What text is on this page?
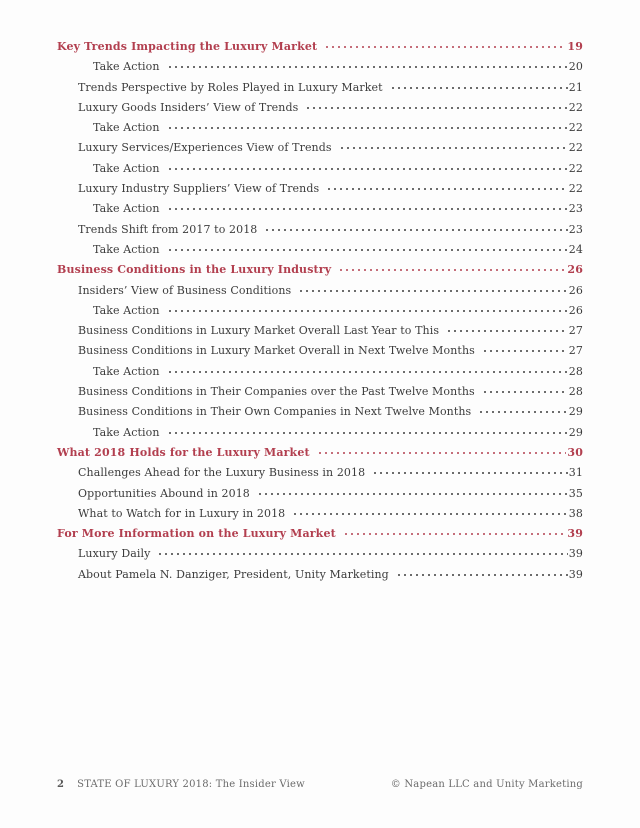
Key Trends Impacting the Luxury Market	19
Take Action	20
Trends Perspective by Roles Played in Luxury Market	21
Luxury Goods Insiders’ View of Trends	22
Take Action	22
Luxury Services/Experiences View of Trends	22
Take Action	22
Luxury Industry Suppliers’ View of Trends	22
Take Action	23
Trends Shift from 2017 to 2018	23
Take Action	24
Business Conditions in the Luxury Industry	26
Insiders’ View of Business Conditions	26
Take Action	26
Business Conditions in Luxury Market Overall Last Year to This	27
Business Conditions in Luxury Market Overall in Next Twelve Months	27
Take Action	28
Business Conditions in Their Companies over the Past Twelve Months	28
Business Conditions in Their Own Companies in Next Twelve Months	29
Take Action	29
What 2018 Holds for the Luxury Market	30
Challenges Ahead for the Luxury Business in 2018	31
Opportunities Abound in 2018	35
What to Watch for in Luxury in 2018	38
For More Information on the Luxury Market	39
Luxury Daily	39
About Pamela N. Danziger, President, Unity Marketing	39
2 STATE OF LUXURY 2018: The Insider View	© Napean LLC and Unity Marketing
